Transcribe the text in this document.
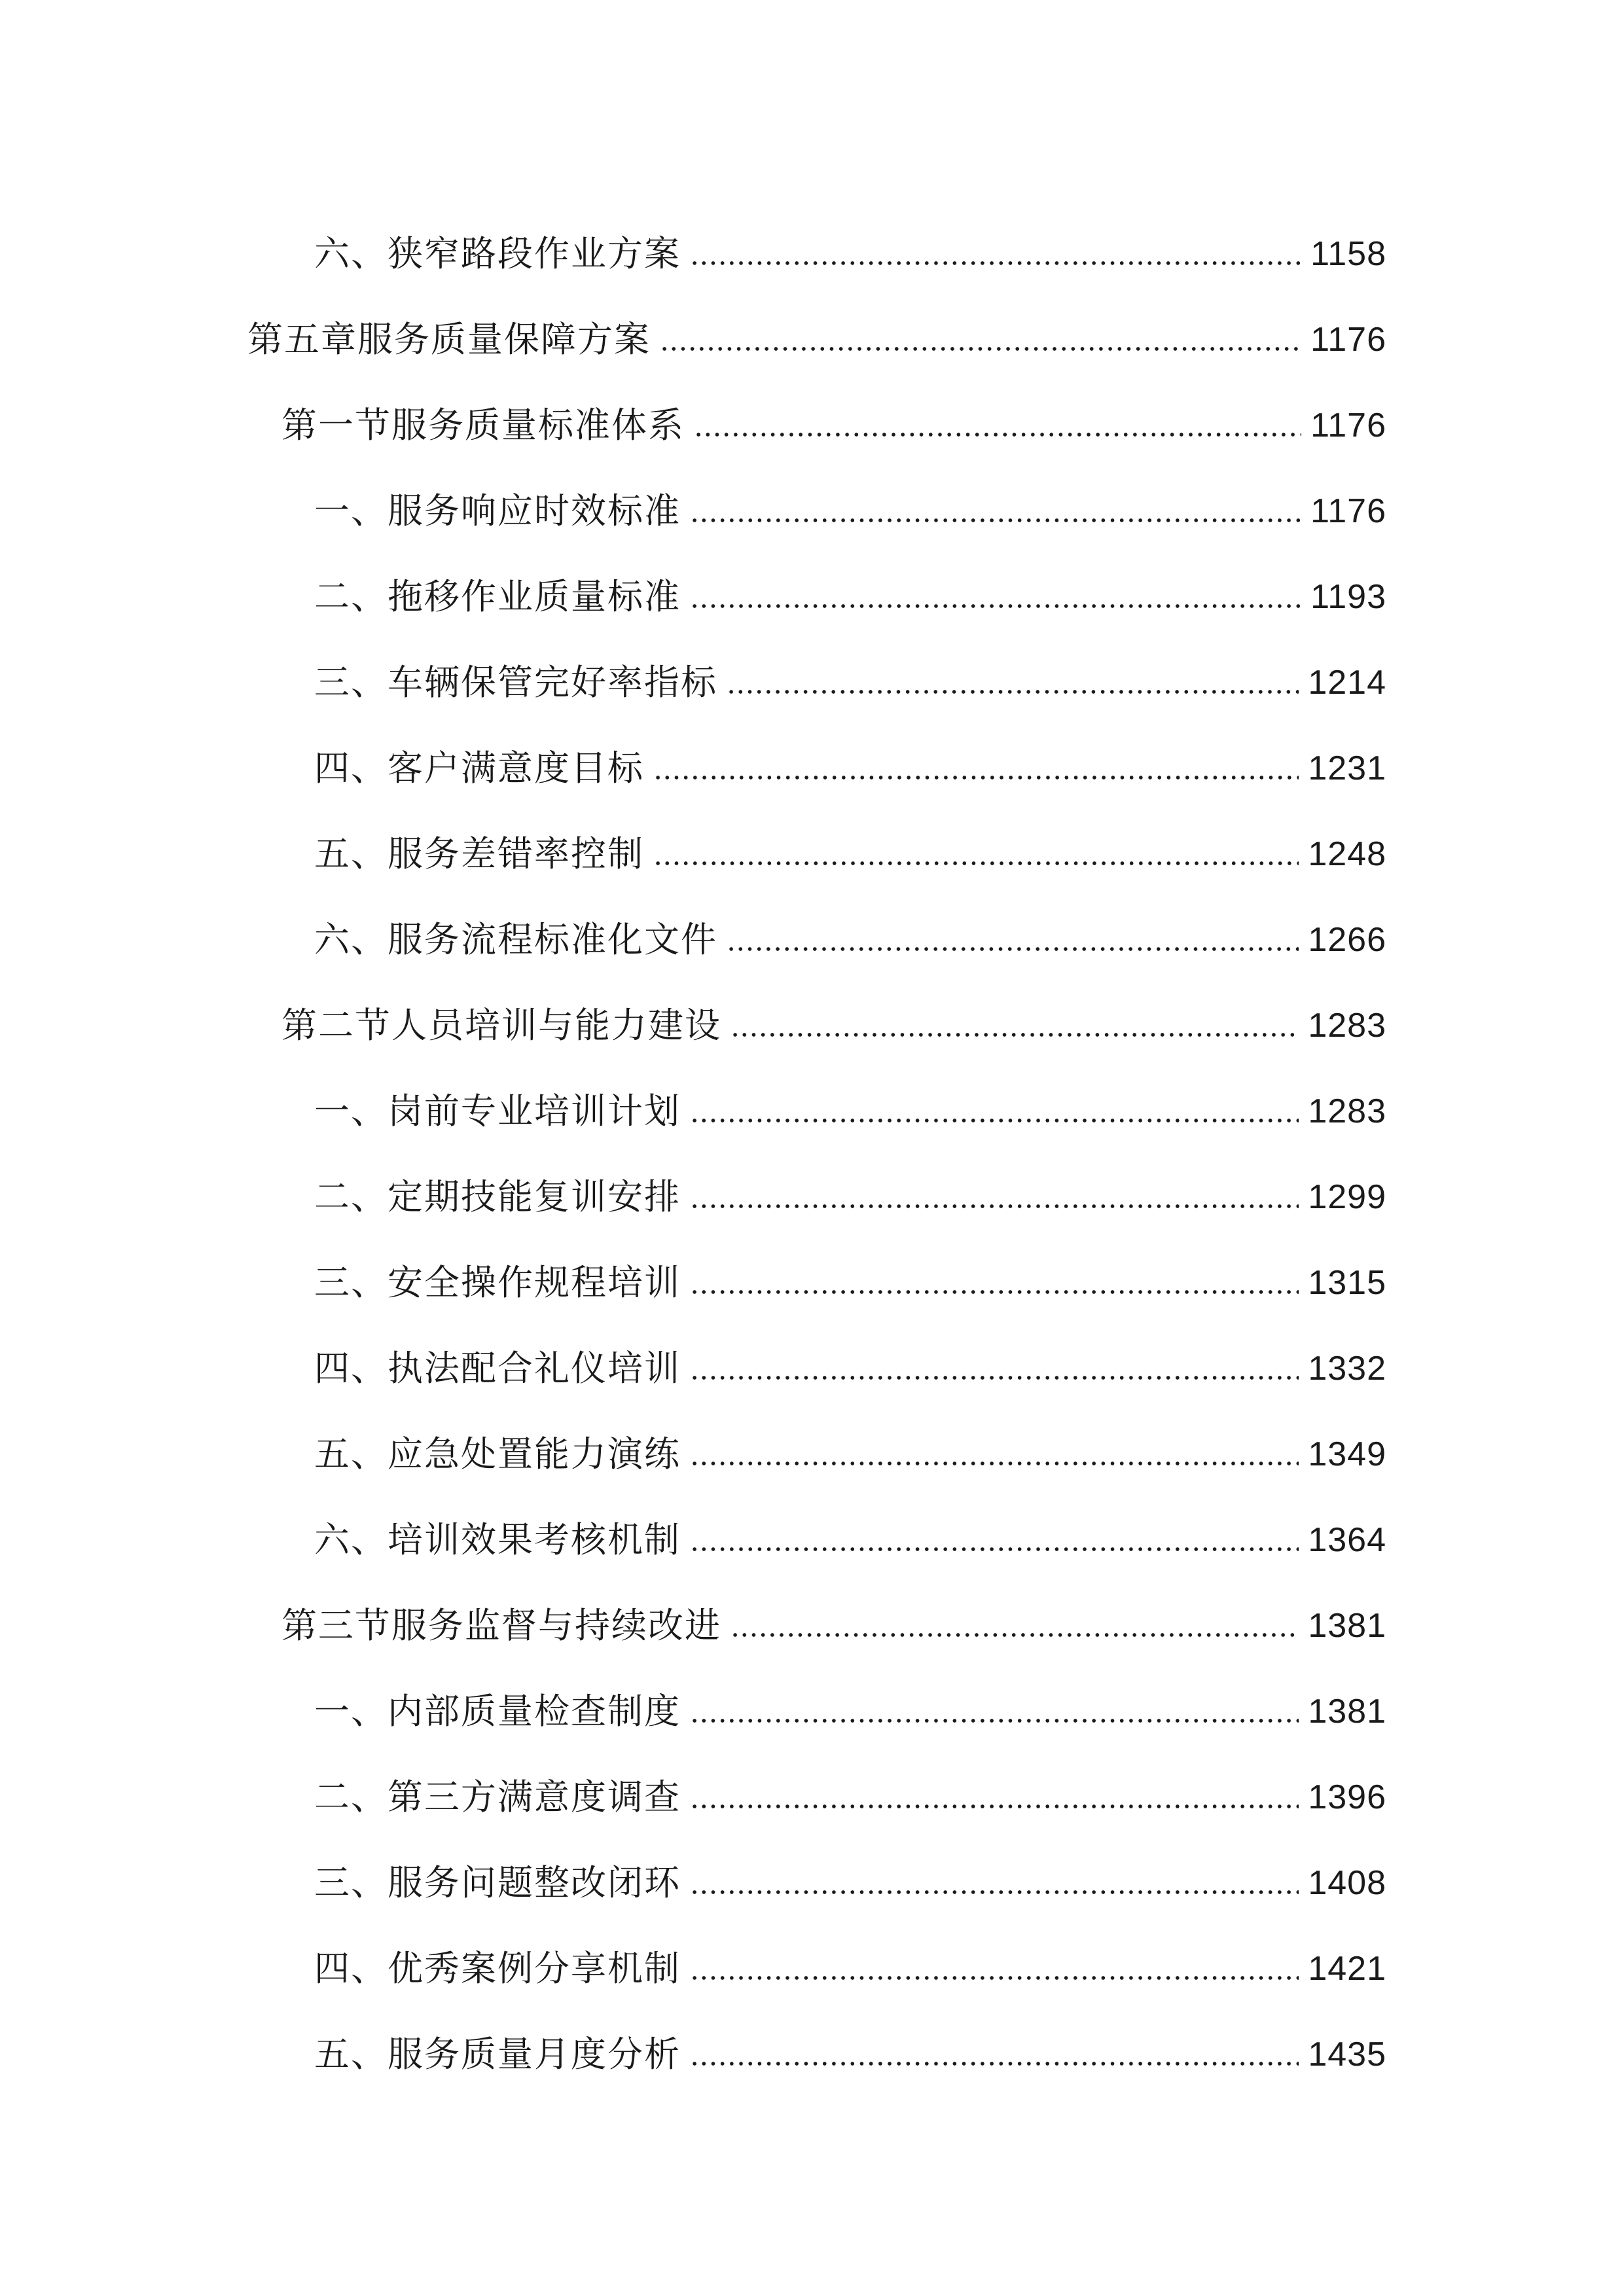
六、狭窄路段作业方案	1158
第五章服务质量保障方案	1176
第一节服务质量标准体系	1176
一、服务响应时效标准	1176
二、拖移作业质量标准	1193
三、车辆保管完好率指标	1214
四、客户满意度目标	1231
五、服务差错率控制	1248
六、服务流程标准化文件	1266
第二节人员培训与能力建设	1283
一、岗前专业培训计划	1283
二、定期技能复训安排	1299
三、安全操作规程培训	1315
四、执法配合礼仪培训	1332
五、应急处置能力演练	1349
六、培训效果考核机制	1364
第三节服务监督与持续改进	1381
一、内部质量检查制度	1381
二、第三方满意度调查	1396
三、服务问题整改闭环	1408
四、优秀案例分享机制	1421
五、服务质量月度分析	1435
